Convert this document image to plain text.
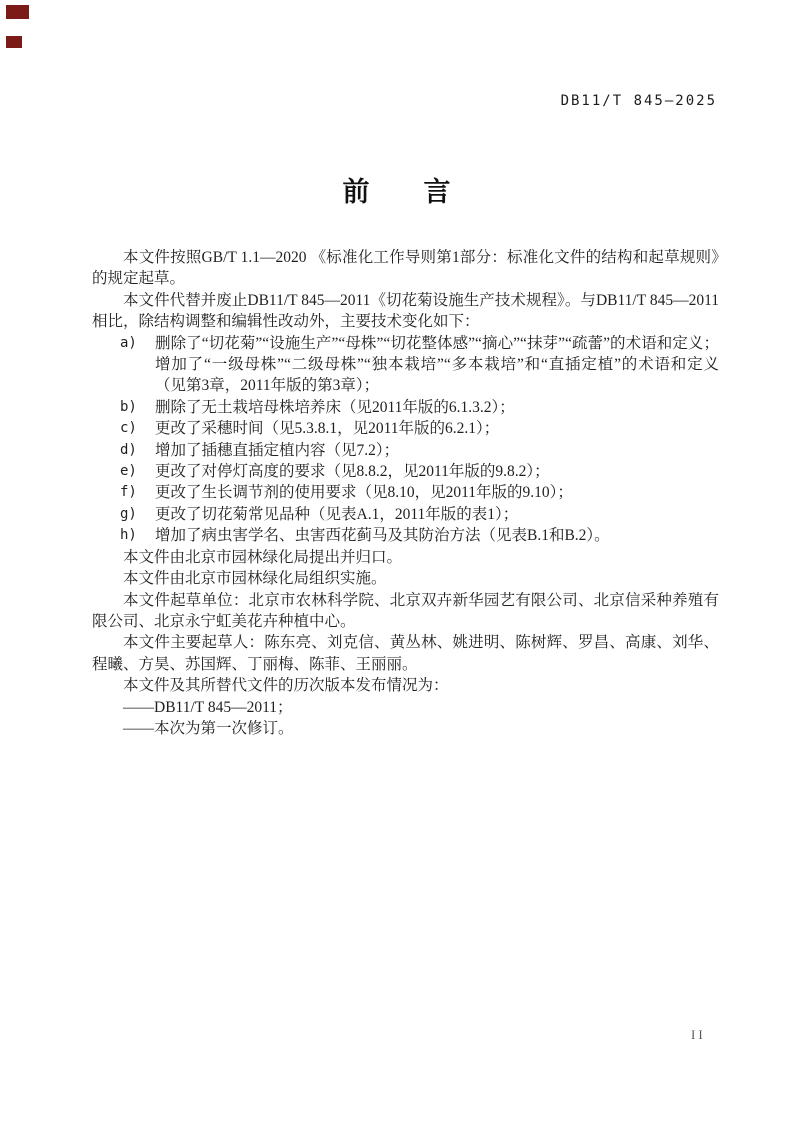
DB11/T 845—2025
前　　言

本文件按照GB/T 1.1—2020 《标准化工作导则第1部分：标准化文件的结构和起草规则》的规定起草。

本文件代替并废止DB11/T 845—2011《切花菊设施生产技术规程》。与DB11/T 845—2011相比，除结构调整和编辑性改动外，主要技术变化如下：

a) 删除了“切花菊”“设施生产”“母株”“切花整体感”“摘心”“抹芽”“疏蕾”的术语和定义；增加了“一级母株”“二级母株”“独本栽培”“多本栽培”和“直插定植”的术语和定义（见第3章，2011年版的第3章）；
b) 删除了无土栽培母株培养床（见2011年版的6.1.3.2）；
c) 更改了采穗时间（见5.3.8.1，见2011年版的6.2.1）；
d) 增加了插穗直插定植内容（见7.2）；
e) 更改了对停灯高度的要求（见8.8.2，见2011年版的9.8.2）；
f) 更改了生长调节剂的使用要求（见8.10，见2011年版的9.10）；
g) 更改了切花菊常见品种（见表A.1，2011年版的表1）；
h) 增加了病虫害学名、虫害西花蓟马及其防治方法（见表B.1和B.2）。

本文件由北京市园林绿化局提出并归口。

本文件由北京市园林绿化局组织实施。

本文件起草单位：北京市农林科学院、北京双卉新华园艺有限公司、北京信采种养殖有限公司、北京永宁虹美花卉种植中心。

本文件主要起草人：陈东亮、刘克信、黄丛林、姚进明、陈树辉、罗昌、高康、刘华、程曦、方昊、苏国辉、丁丽梅、陈菲、王丽丽。

本文件及其所替代文件的历次版本发布情况为：

——DB11/T 845—2011；

——本次为第一次修订。

II
